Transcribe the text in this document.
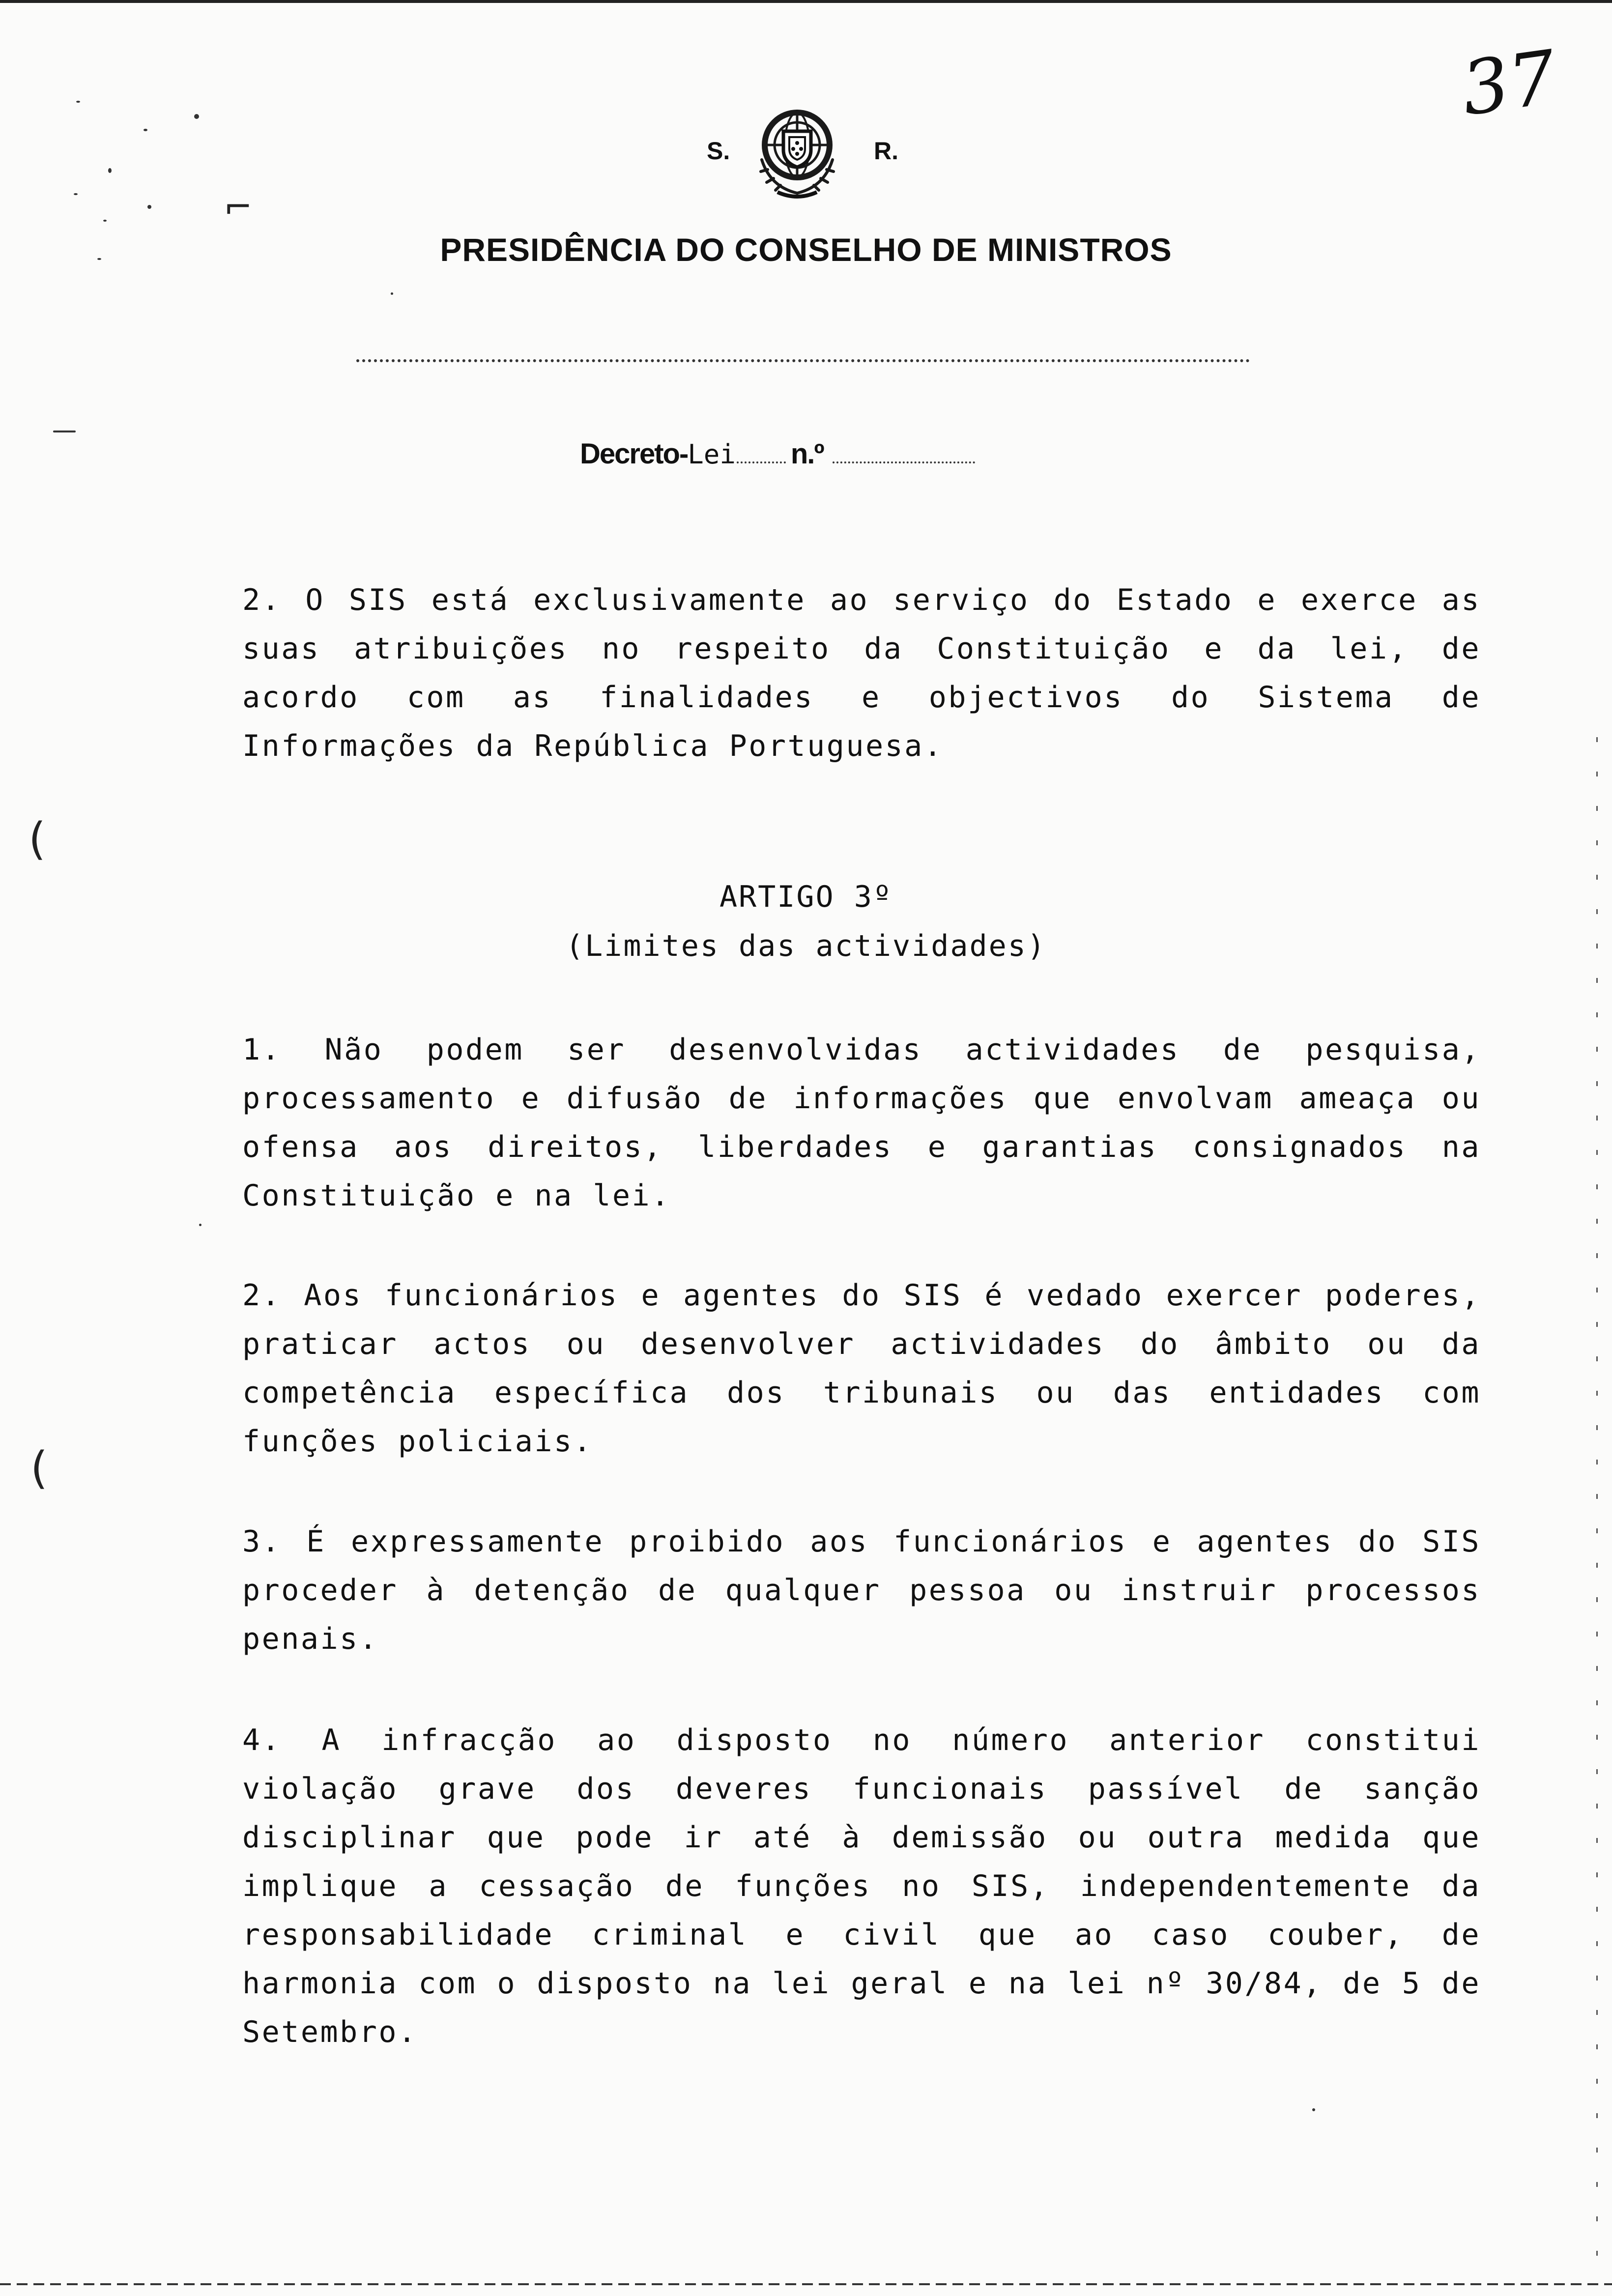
37
⌐
(
(
S.	R.
PRESIDÊNCIA DO CONSELHO DE MINISTROS
Decreto-Lei n.º
2. O SIS está exclusivamente ao serviço do Estado e exerce as suas atribuições no respeito da Constituição e da lei, de acordo com as finalidades e objectivos do Sistema de Informações da República Portuguesa.
ARTIGO 3º
(Limites das actividades)
1. Não podem ser desenvolvidas actividades de pesquisa, processamento e difusão de informações que envolvam ameaça ou ofensa aos direitos, liberdades e garantias consignados na Constituição e na lei.
2. Aos funcionários e agentes do SIS é vedado exercer poderes, praticar actos ou desenvolver actividades do âmbito ou da competência específica dos tribunais ou das entidades com funções policiais.
3. É expressamente proibido aos funcionários e agentes do SIS proceder à detenção de qualquer pessoa ou instruir processos penais.
4. A infracção ao disposto no número anterior constitui violação grave dos deveres funcionais passível de sanção disciplinar que pode ir até à demissão ou outra medida que implique a cessação de funções no SIS, independentemente da responsabilidade criminal e civil que ao caso couber, de harmonia com o disposto na lei geral e na lei nº 30/84, de 5 de Setembro.
